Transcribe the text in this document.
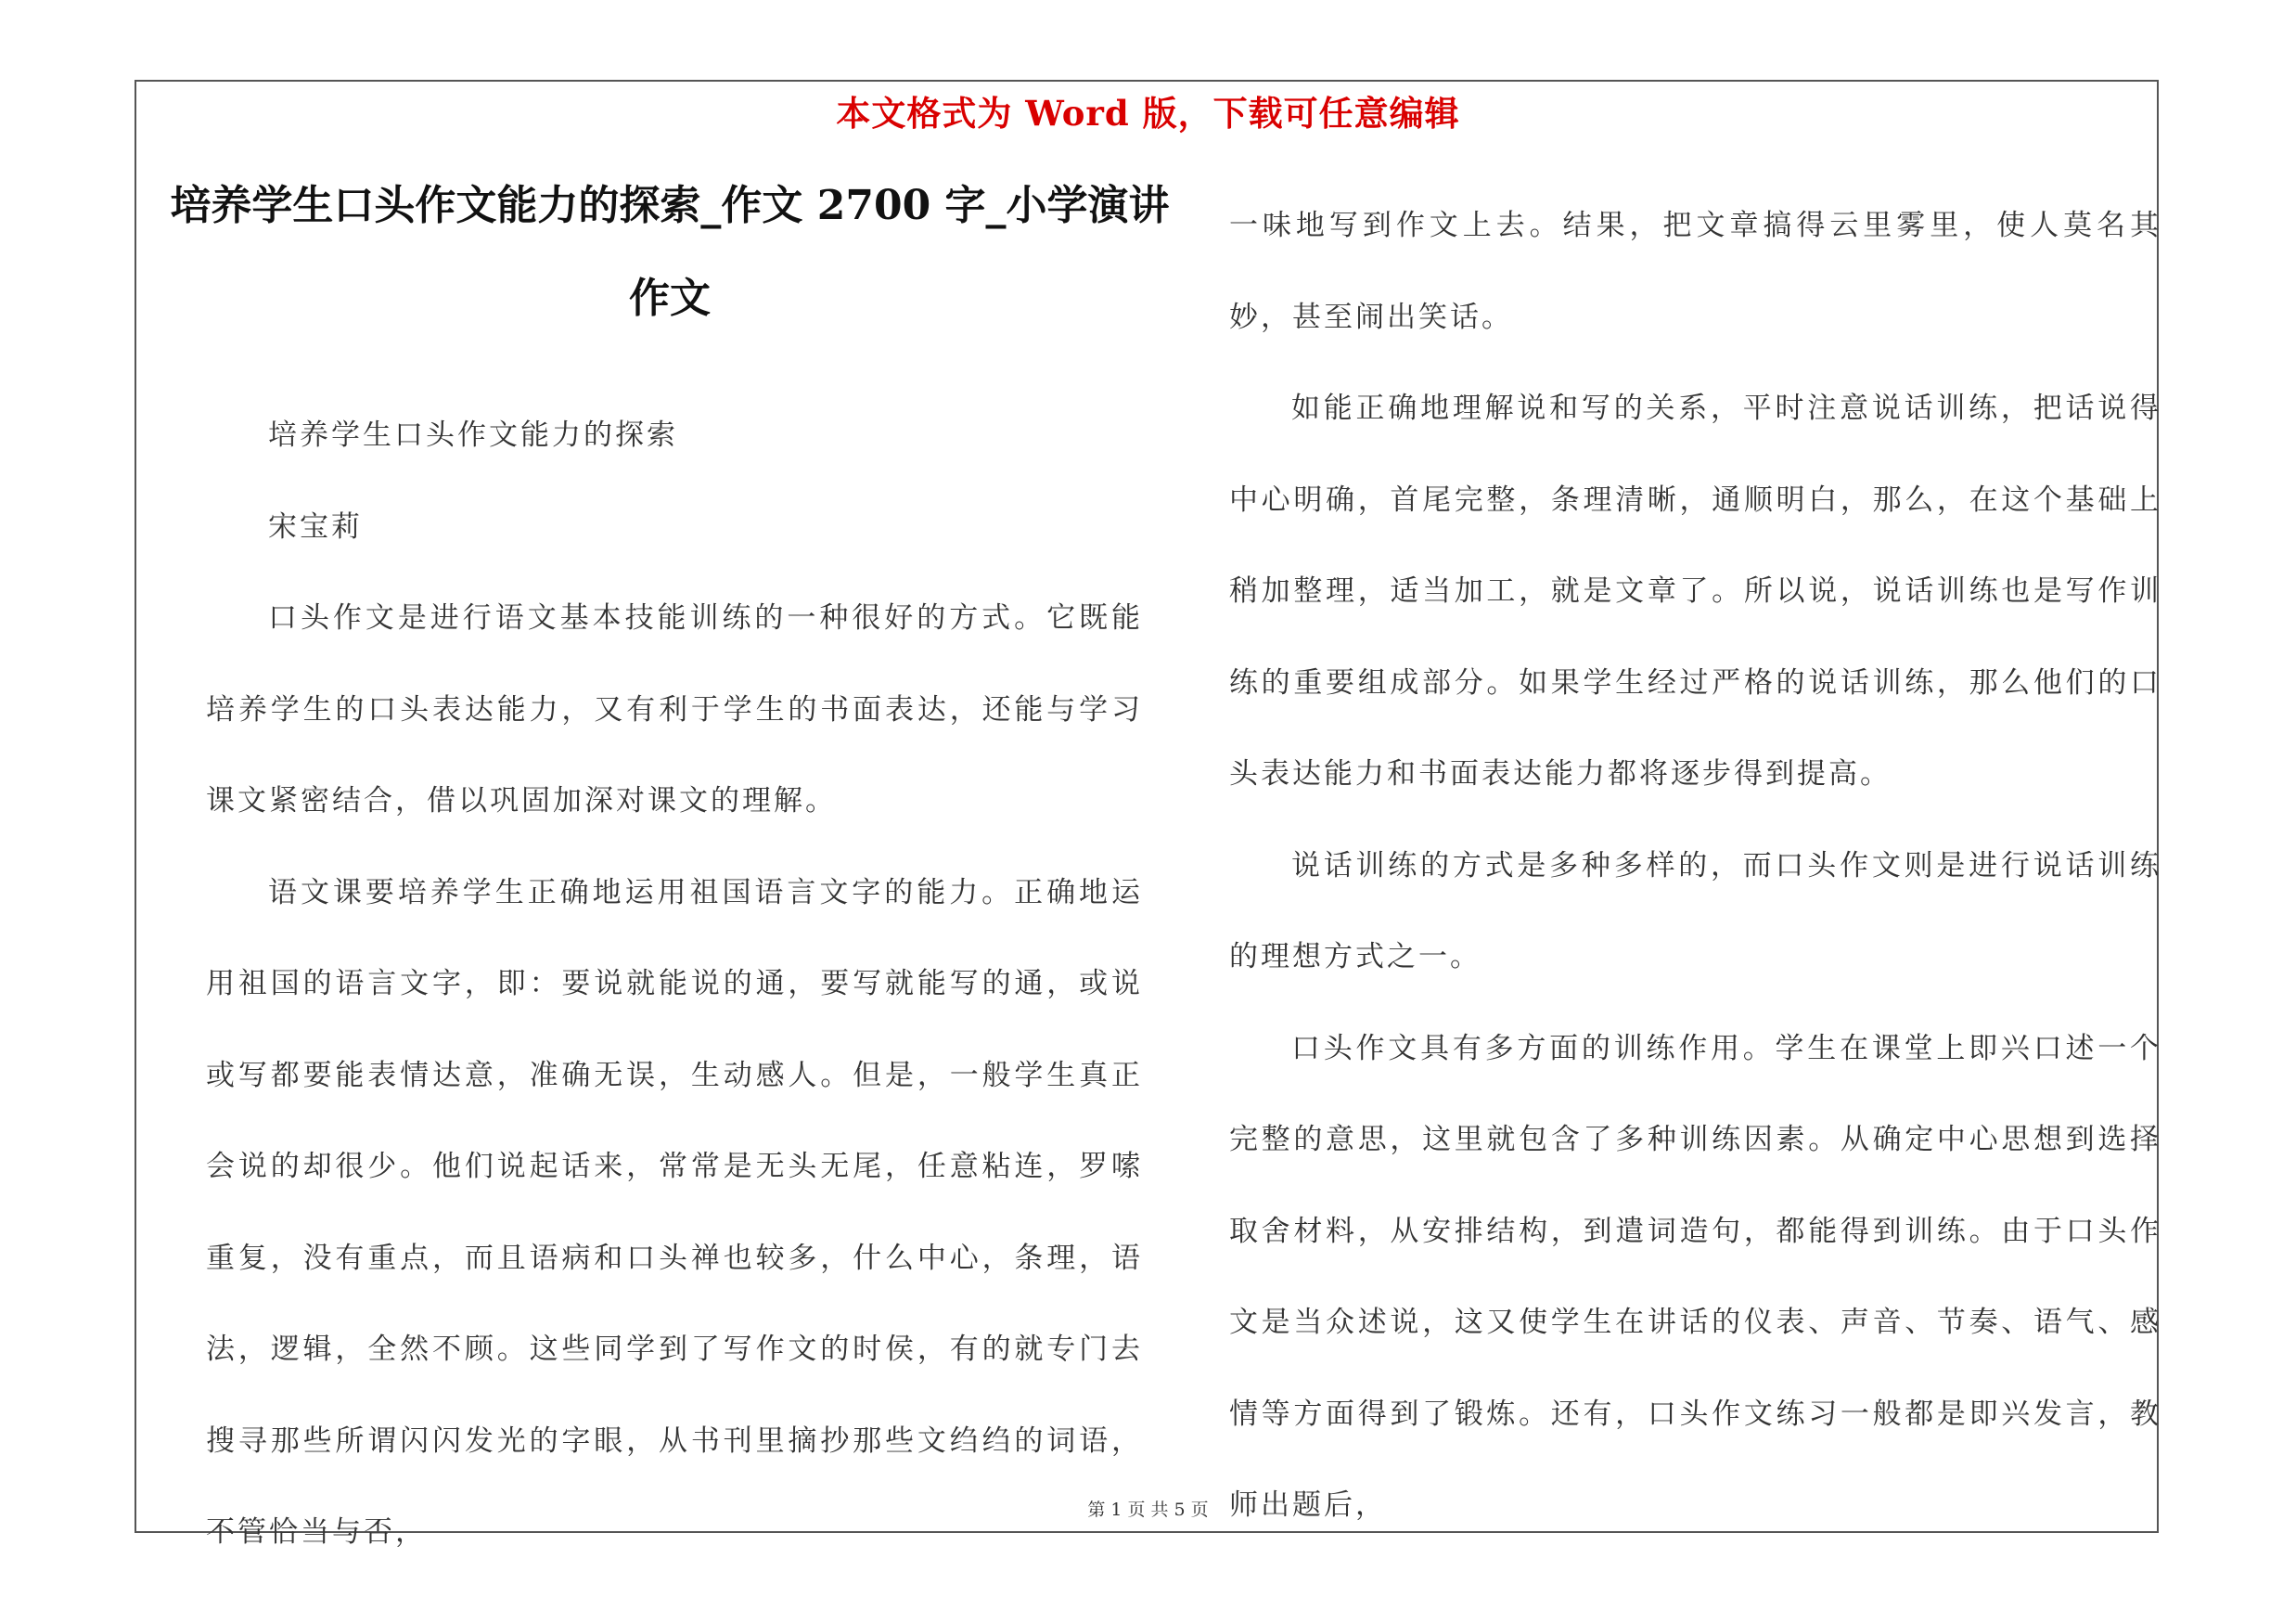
本文格式为 Word 版，下载可任意编辑
培养学生口头作文能力的探索_作文 2700 字_小学演讲作文

培养学生口头作文能力的探索

宋宝莉

口头作文是进行语文基本技能训练的一种很好的方式。它既能培养学生的口头表达能力，又有利于学生的书面表达，还能与学习课文紧密结合，借以巩固加深对课文的理解。

语文课要培养学生正确地运用祖国语言文字的能力。正确地运用祖国的语言文字，即：要说就能说的通，要写就能写的通，或说或写都要能表情达意，准确无误，生动感人。但是，一般学生真正会说的却很少。他们说起话来，常常是无头无尾，任意粘连，罗嗦重复，没有重点，而且语病和口头禅也较多，什么中心，条理，语法，逻辑，全然不顾。这些同学到了写作文的时侯，有的就专门去搜寻那些所谓闪闪发光的字眼，从书刊里摘抄那些文绉绉的词语，不管恰当与否，

一味地写到作文上去。结果，把文章搞得云里雾里，使人莫名其妙，甚至闹出笑话。

如能正确地理解说和写的关系，平时注意说话训练，把话说得中心明确，首尾完整，条理清晰，通顺明白，那么，在这个基础上稍加整理，适当加工，就是文章了。所以说，说话训练也是写作训练的重要组成部分。如果学生经过严格的说话训练，那么他们的口头表达能力和书面表达能力都将逐步得到提高。

说话训练的方式是多种多样的，而口头作文则是进行说话训练的理想方式之一。

口头作文具有多方面的训练作用。学生在课堂上即兴口述一个完整的意思，这里就包含了多种训练因素。从确定中心思想到选择取舍材料，从安排结构，到遣词造句，都能得到训练。由于口头作文是当众述说，这又使学生在讲话的仪表、声音、节奏、语气、感情等方面得到了锻炼。还有，口头作文练习一般都是即兴发言，教师出题后，

第 1 页 共 5 页
